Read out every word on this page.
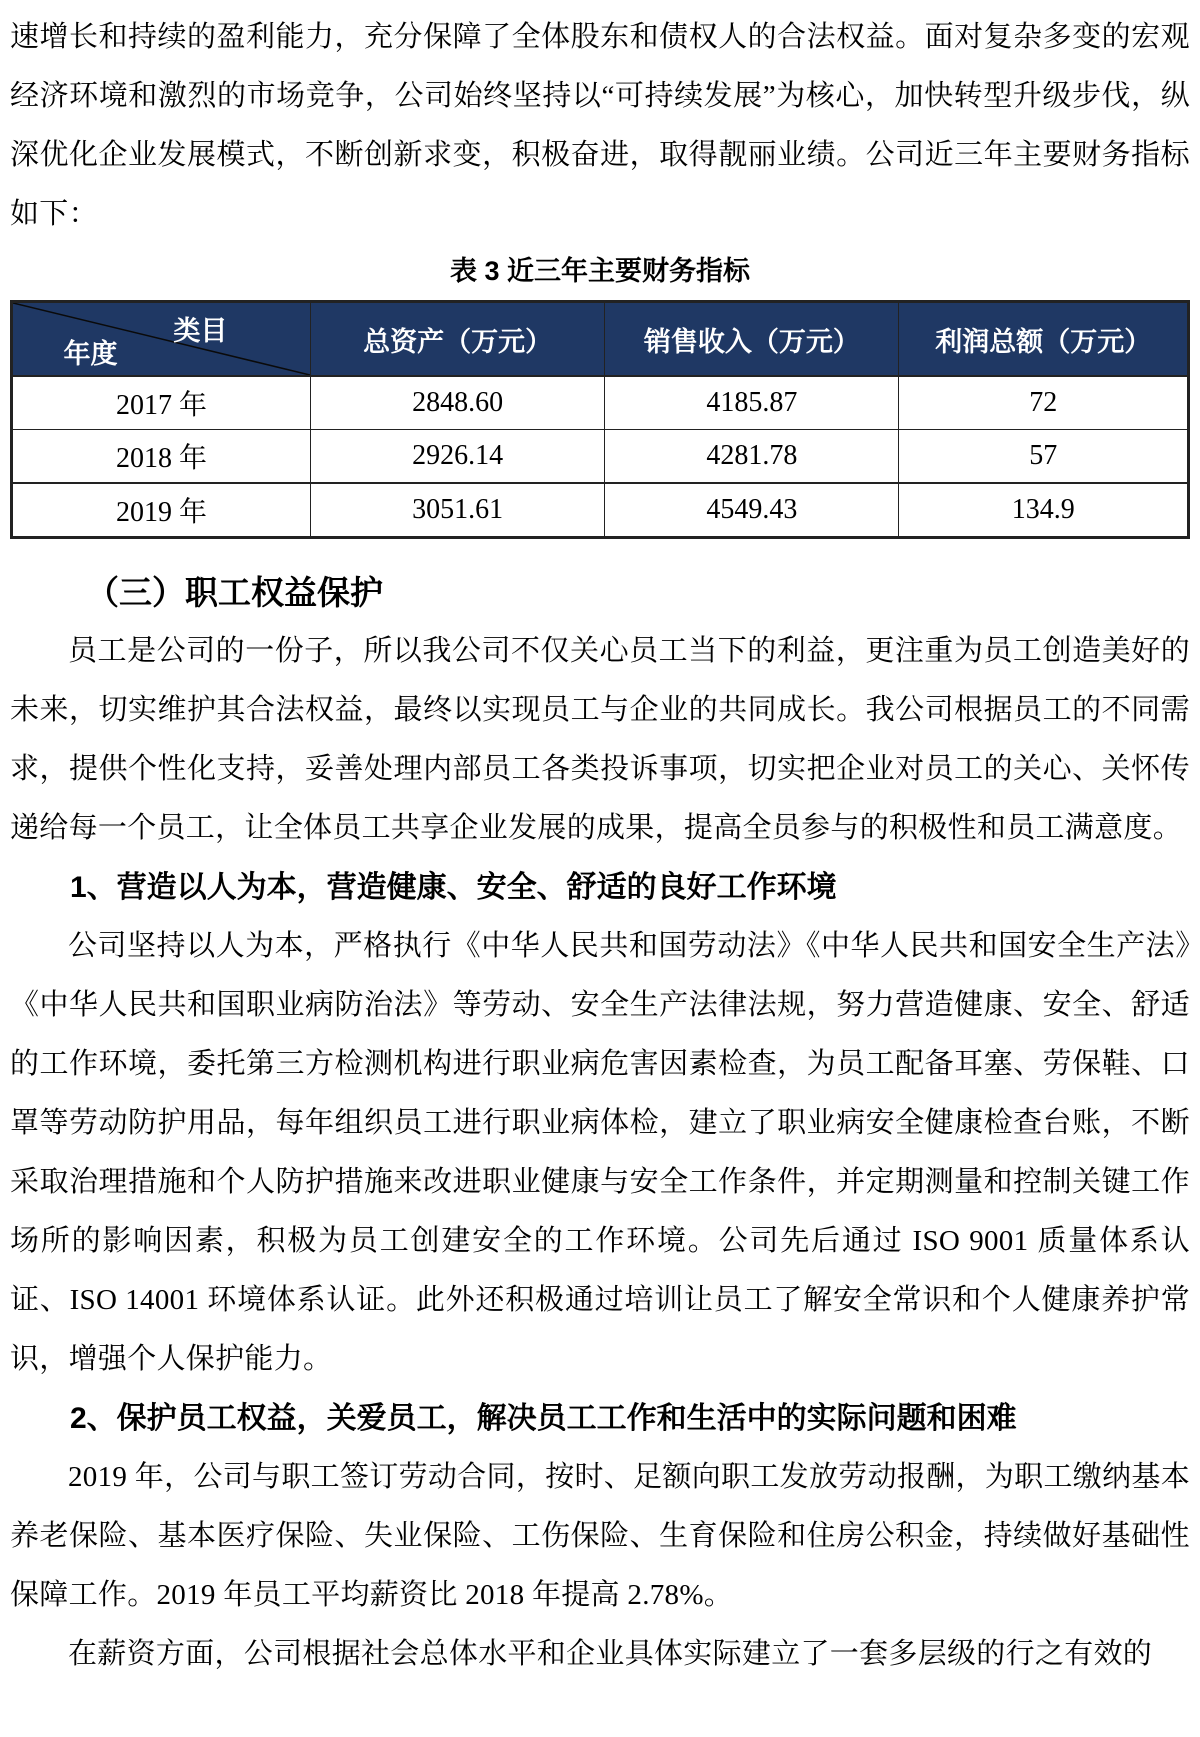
速增长和持续的盈利能力，充分保障了全体股东和债权人的合法权益。面对复杂多变的宏观经济环境和激烈的市场竞争，公司始终坚持以“可持续发展”为核心，加快转型升级步伐，纵深优化企业发展模式，不断创新求变，积极奋进，取得靓丽业绩。公司近三年主要财务指标如下：

表 3 近三年主要财务指标
类目
年度	总资产（万元）	销售收入（万元）	利润总额（万元）
2017 年	2848.60	4185.87	72
2018 年	2926.14	4281.78	57
2019 年	3051.61	4549.43	134.9
（三）职工权益保护

员工是公司的一份子，所以我公司不仅关心员工当下的利益，更注重为员工创造美好的未来，切实维护其合法权益，最终以实现员工与企业的共同成长。我公司根据员工的不同需求，提供个性化支持，妥善处理内部员工各类投诉事项，切实把企业对员工的关心、关怀传递给每一个员工，让全体员工共享企业发展的成果，提高全员参与的积极性和员工满意度。

1、营造以人为本，营造健康、安全、舒适的良好工作环境

公司坚持以人为本，严格执行《中华人民共和国劳动法》《中华人民共和国安全生产法》《中华人民共和国职业病防治法》等劳动、安全生产法律法规，努力营造健康、安全、舒适的工作环境，委托第三方检测机构进行职业病危害因素检查，为员工配备耳塞、劳保鞋、口罩等劳动防护用品，每年组织员工进行职业病体检，建立了职业病安全健康检查台账，不断采取治理措施和个人防护措施来改进职业健康与安全工作条件，并定期测量和控制关键工作场所的影响因素，积极为员工创建安全的工作环境。公司先后通过 ISO 9001 质量体系认证、ISO 14001 环境体系认证。此外还积极通过培训让员工了解安全常识和个人健康养护常识，增强个人保护能力。

2、保护员工权益，关爱员工，解决员工工作和生活中的实际问题和困难

2019 年，公司与职工签订劳动合同，按时、足额向职工发放劳动报酬，为职工缴纳基本养老保险、基本医疗保险、失业保险、工伤保险、生育保险和住房公积金，持续做好基础性保障工作。2019 年员工平均薪资比 2018 年提高 2.78%。

在薪资方面，公司根据社会总体水平和企业具体实际建立了一套多层级的行之有效的
